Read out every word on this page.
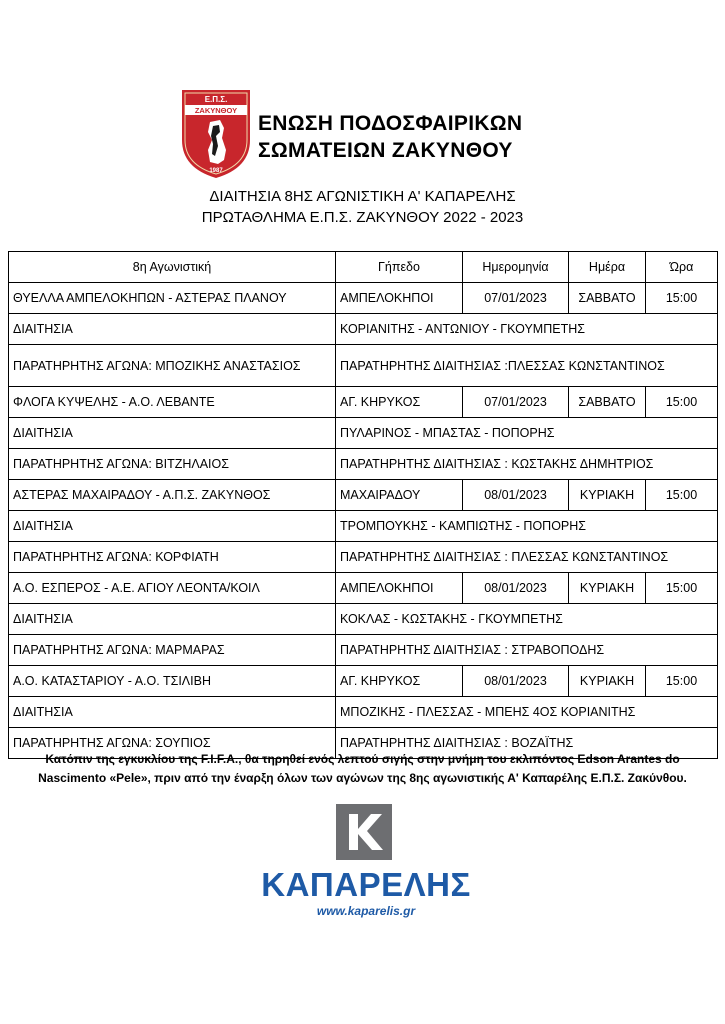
Ε.Π.Σ.
ΖΑΚΥΝΘΟΥ
1987
ΕΝΩΣΗ ΠΟΔΟΣΦΑΙΡΙΚΩΝ
ΣΩΜΑΤΕΙΩΝ ΖΑΚΥΝΘΟΥ
ΔΙΑΙΤΗΣΙΑ 8ΗΣ ΑΓΩΝΙΣΤΙΚΗ Α' ΚΑΠΑΡΕΛΗΣ
ΠΡΩΤΑΘΛΗΜΑ Ε.Π.Σ. ΖΑΚΥΝΘΟΥ 2022 - 2023
8η Αγωνιστική	Γήπεδο	Ημερομηνία	Ημέρα	Ώρα
ΘΥΕΛΛΑ ΑΜΠΕΛΟΚΗΠΩΝ - ΑΣΤΕΡΑΣ ΠΛΑΝΟΥ	ΑΜΠΕΛΟΚΗΠΟΙ	07/01/2023	ΣΑΒΒΑΤΟ	15:00
ΔΙΑΙΤΗΣΙΑ	ΚΟΡΙΑΝΙΤΗΣ - ΑΝΤΩΝΙΟΥ - ΓΚΟΥΜΠΕΤΗΣ			
ΠΑΡΑΤΗΡΗΤΗΣ ΑΓΩΝΑ: ΜΠΟΖΙΚΗΣ ΑΝΑΣΤΑΣΙΟΣ	ΠΑΡΑΤΗΡΗΤΗΣ ΔΙΑΙΤΗΣΙΑΣ :ΠΛΕΣΣΑΣ ΚΩΝΣΤΑΝΤΙΝΟΣ			
ΦΛΟΓΑ ΚΥΨΕΛΗΣ - Α.Ο. ΛΕΒΑΝΤΕ	ΑΓ. ΚΗΡΥΚΟΣ	07/01/2023	ΣΑΒΒΑΤΟ	15:00
ΔΙΑΙΤΗΣΙΑ	ΠΥΛΑΡΙΝΟΣ - ΜΠΑΣΤΑΣ - ΠΟΠΟΡΗΣ			
ΠΑΡΑΤΗΡΗΤΗΣ ΑΓΩΝΑ: ΒΙΤΖΗΛΑΙΟΣ	ΠΑΡΑΤΗΡΗΤΗΣ ΔΙΑΙΤΗΣΙΑΣ : ΚΩΣΤΑΚΗΣ ΔΗΜΗΤΡΙΟΣ			
ΑΣΤΕΡΑΣ ΜΑΧΑΙΡΑΔΟΥ - Α.Π.Σ. ΖΑΚΥΝΘΟΣ	ΜΑΧΑΙΡΑΔΟΥ	08/01/2023	ΚΥΡΙΑΚΗ	15:00
ΔΙΑΙΤΗΣΙΑ	ΤΡΟΜΠΟΥΚΗΣ - ΚΑΜΠΙΩΤΗΣ - ΠΟΠΟΡΗΣ			
ΠΑΡΑΤΗΡΗΤΗΣ ΑΓΩΝΑ: ΚΟΡΦΙΑΤΗ	ΠΑΡΑΤΗΡΗΤΗΣ ΔΙΑΙΤΗΣΙΑΣ : ΠΛΕΣΣΑΣ ΚΩΝΣΤΑΝΤΙΝΟΣ			
Α.Ο. ΕΣΠΕΡΟΣ - Α.Ε. ΑΓΙΟΥ ΛΕΟΝΤΑ/ΚΟΙΛ	ΑΜΠΕΛΟΚΗΠΟΙ	08/01/2023	ΚΥΡΙΑΚΗ	15:00
ΔΙΑΙΤΗΣΙΑ	ΚΟΚΛΑΣ - ΚΩΣΤΑΚΗΣ - ΓΚΟΥΜΠΕΤΗΣ			
ΠΑΡΑΤΗΡΗΤΗΣ ΑΓΩΝΑ: ΜΑΡΜΑΡΑΣ	ΠΑΡΑΤΗΡΗΤΗΣ ΔΙΑΙΤΗΣΙΑΣ : ΣΤΡΑΒΟΠΟΔΗΣ			
Α.Ο. ΚΑΤΑΣΤΑΡΙΟΥ - Α.Ο. ΤΣΙΛΙΒΗ	ΑΓ. ΚΗΡΥΚΟΣ	08/01/2023	ΚΥΡΙΑΚΗ	15:00
ΔΙΑΙΤΗΣΙΑ	ΜΠΟΖΙΚΗΣ - ΠΛΕΣΣΑΣ - ΜΠΕΗΣ 4ΟΣ ΚΟΡΙΑΝΙΤΗΣ			
ΠΑΡΑΤΗΡΗΤΗΣ ΑΓΩΝΑ: ΣΟΥΠΙΟΣ	ΠΑΡΑΤΗΡΗΤΗΣ ΔΙΑΙΤΗΣΙΑΣ : ΒΟΖΑΪΤΗΣ			
Κατόπιν της εγκυκλίου της F.I.F.A., θα τηρηθεί ενός λεπτού σιγής στην μνήμη του εκλιπόντος Edson Arantes do Nascimento «Pele», πριν από την έναρξη όλων των αγώνων της 8ης αγωνιστικής Α' Καπαρέλης Ε.Π.Σ. Ζακύνθου.
ΚΑΠΑΡΕΛΗΣ
www.kaparelis.gr
